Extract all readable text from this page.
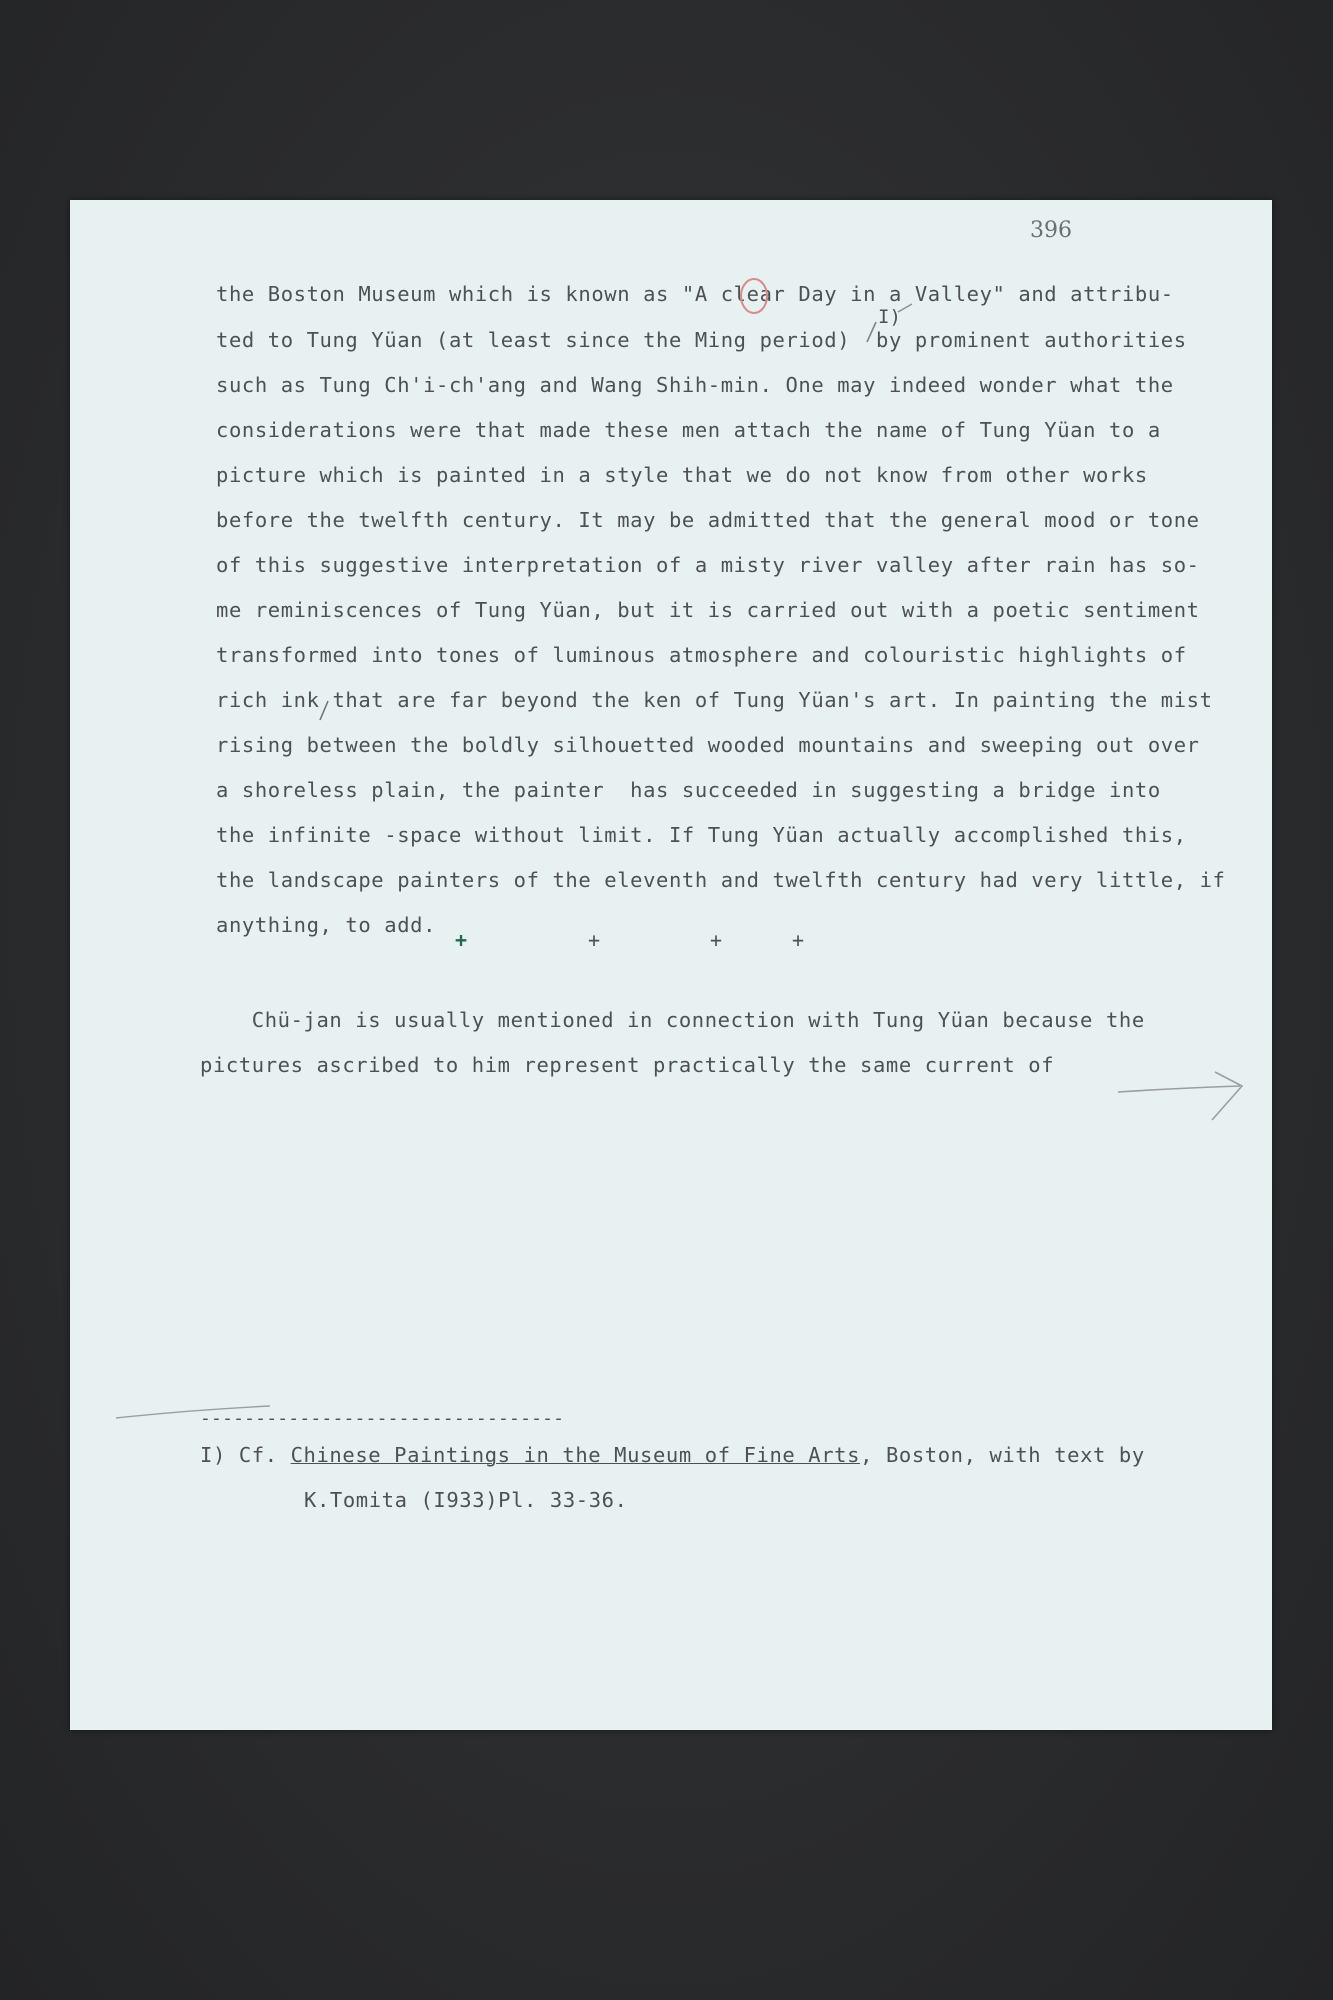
396
the Boston Museum which is known as "A clear Day in a Valley" and attribu-
I)
ted to Tung Yüan (at least since the Ming period)  by prominent authorities
such as Tung Ch'i-ch'ang and Wang Shih-min. One may indeed wonder what the
considerations were that made these men attach the name of Tung Yüan to a
picture which is painted in a style that we do not know from other works
before the twelfth century. It may be admitted that the general mood or tone
of this suggestive interpretation of a misty river valley after rain has so-
me reminiscences of Tung Yüan, but it is carried out with a poetic sentiment
transformed into tones of luminous atmosphere and colouristic highlights of
rich ink that are far beyond the ken of Tung Yüan's art. In painting the mist
rising between the boldly silhouetted wooded mountains and sweeping out over
a shoreless plain, the painter  has succeeded in suggesting a bridge into
the infinite -space without limit. If Tung Yüan actually accomplished this,
the landscape painters of the eleventh and twelfth century had very little, if
anything, to add.
+	+	+	+
Chü-jan is usually mentioned in connection with Tung Yüan because the
pictures ascribed to him represent practically the same current of
---------------------------------
I) Cf. Chinese Paintings in the Museum of Fine Arts, Boston, with text by
K.Tomita (I933)Pl. 33-36.
